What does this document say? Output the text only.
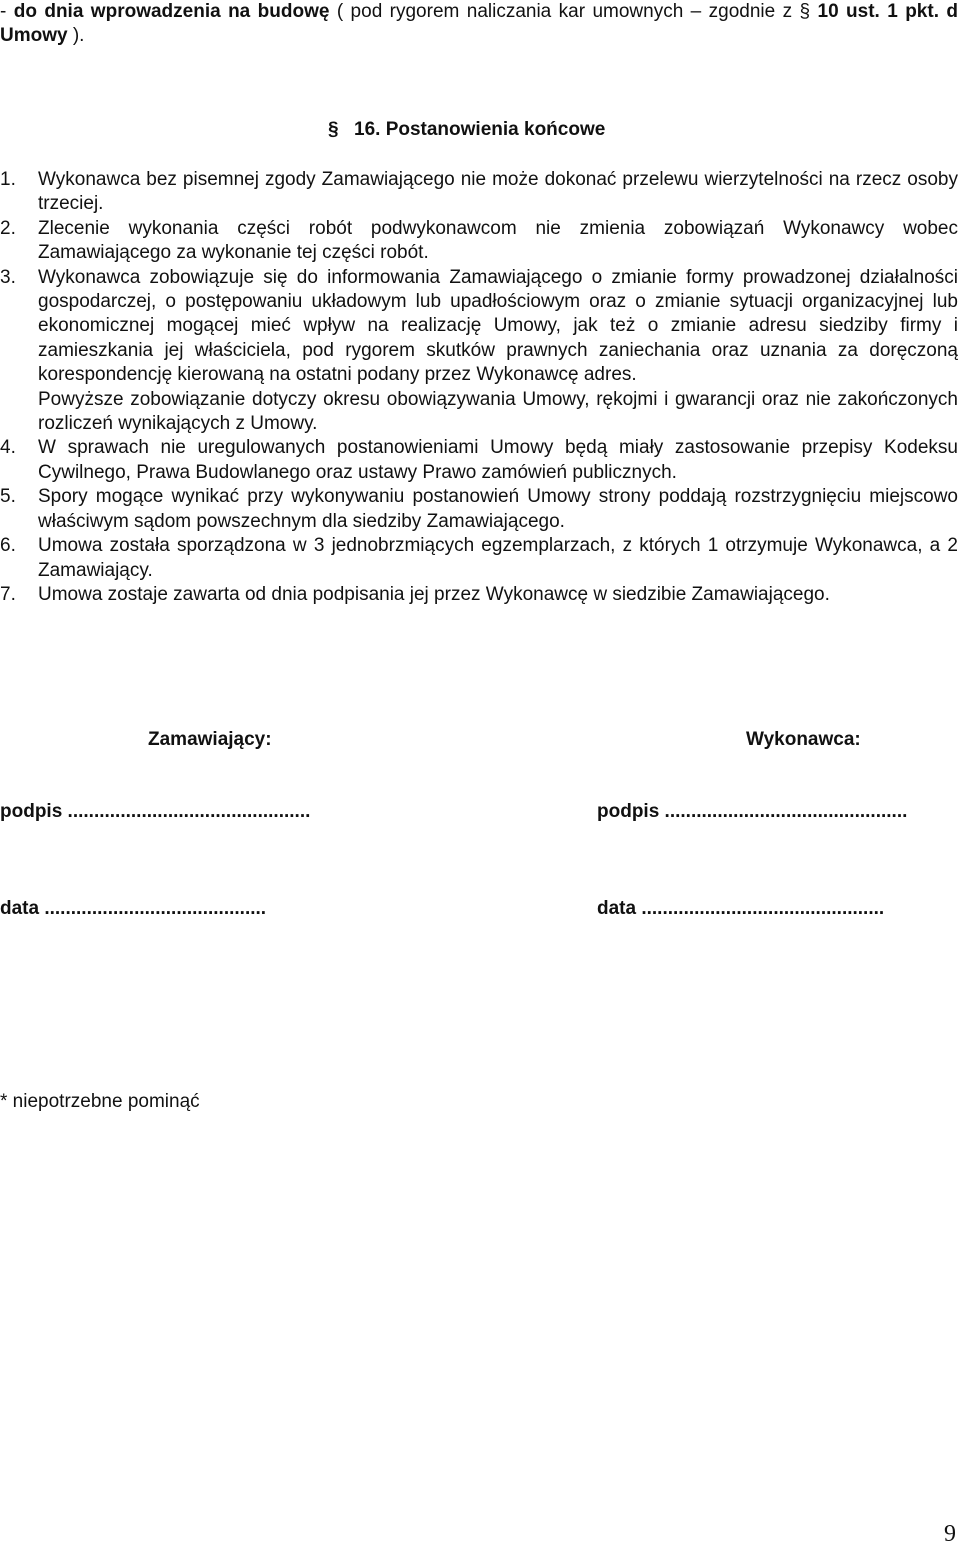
- do dnia wprowadzenia na budowę ( pod rygorem naliczania kar umownych – zgodnie z § 10 ust. 1 pkt. d Umowy ).
§ 16. Postanowienia końcowe
1.	Wykonawca bez pisemnej zgody Zamawiającego nie może dokonać przelewu wierzytelności na rzecz osoby trzeciej.
2.	Zlecenie wykonania części robót podwykonawcom nie zmienia zobowiązań Wykonawcy wobec Zamawiającego za wykonanie tej części robót.
3.	Wykonawca zobowiązuje się do informowania Zamawiającego o zmianie formy prowadzonej działalności gospodarczej, o postępowaniu układowym lub upadłościowym oraz o zmianie sytuacji organizacyjnej lub ekonomicznej mogącej mieć wpływ na realizację Umowy, jak też o zmianie adresu siedziby firmy i zamieszkania jej właściciela, pod rygorem skutków prawnych zaniechania oraz uznania za doręczoną korespondencję kierowaną na ostatni podany przez Wykonawcę adres.
Powyższe zobowiązanie dotyczy okresu obowiązywania Umowy, rękojmi i gwarancji oraz nie zakończonych rozliczeń wynikających z Umowy.
4.	W sprawach nie uregulowanych postanowieniami Umowy będą miały zastosowanie przepisy Kodeksu Cywilnego, Prawa Budowlanego oraz ustawy Prawo zamówień publicznych.
5.	Spory mogące wynikać przy wykonywaniu postanowień Umowy strony poddają rozstrzygnięciu miejscowo właściwym sądom powszechnym dla siedziby Zamawiającego.
6.	Umowa została sporządzona w 3 jednobrzmiących egzemplarzach, z których 1 otrzymuje Wykonawca, a 2 Zamawiający.
7.	Umowa zostaje zawarta od dnia podpisania jej przez Wykonawcę w siedzibie Zamawiającego.
Zamawiający:	Wykonawca:
podpis ..............................................	podpis ..............................................
data ..........................................	data ..............................................
* niepotrzebne pominąć
9
